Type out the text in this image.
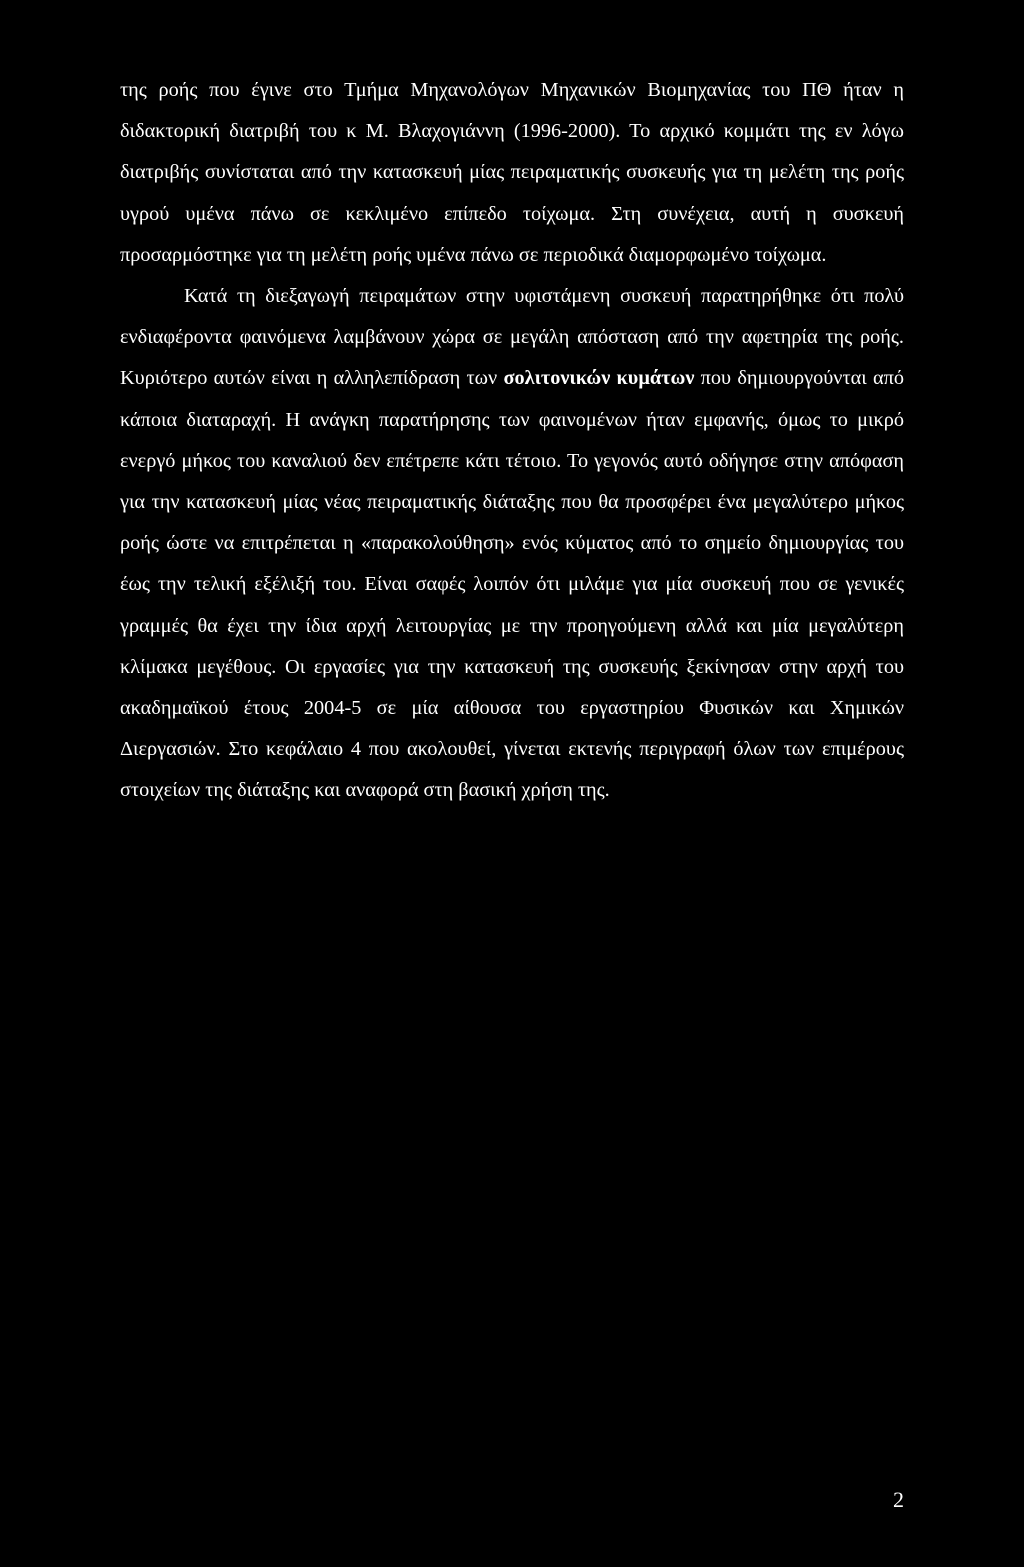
της ροής που έγινε στο Τμήμα Μηχανολόγων Μηχανικών Βιομηχανίας του ΠΘ ήταν η διδακτορική διατριβή του κ Μ. Βλαχογιάννη (1996-2000). Το αρχικό κομμάτι της εν λόγω διατριβής συνίσταται από την κατασκευή μίας πειραματικής συσκευής για τη μελέτη της ροής υγρού υμένα πάνω σε κεκλιμένο επίπεδο τοίχωμα. Στη συνέχεια, αυτή η συσκευή προσαρμόστηκε για τη μελέτη ροής υμένα πάνω σε περιοδικά διαμορφωμένο τοίχωμα.

Κατά τη διεξαγωγή πειραμάτων στην υφιστάμενη συσκευή παρατηρήθηκε ότι πολύ ενδιαφέροντα φαινόμενα λαμβάνουν χώρα σε μεγάλη απόσταση από την αφετηρία της ροής. Κυριότερο αυτών είναι η αλληλεπίδραση των σολιτονικών κυμάτων που δημιουργούνται από κάποια διαταραχή. Η ανάγκη παρατήρησης των φαινομένων ήταν εμφανής, όμως το μικρό ενεργό μήκος του καναλιού δεν επέτρεπε κάτι τέτοιο. Το γεγονός αυτό οδήγησε στην απόφαση για την κατασκευή μίας νέας πειραματικής διάταξης που θα προσφέρει ένα μεγαλύτερο μήκος ροής ώστε να επιτρέπεται η «παρακολούθηση» ενός κύματος από το σημείο δημιουργίας του έως την τελική εξέλιξή του. Είναι σαφές λοιπόν ότι μιλάμε για μία συσκευή που σε γενικές γραμμές θα έχει την ίδια αρχή λειτουργίας με την προηγούμενη αλλά και μία μεγαλύτερη κλίμακα μεγέθους. Οι εργασίες για την κατασκευή της συσκευής ξεκίνησαν στην αρχή του ακαδημαϊκού έτους 2004-5 σε μία αίθουσα του εργαστηρίου Φυσικών και Χημικών Διεργασιών. Στο κεφάλαιο 4 που ακολουθεί, γίνεται εκτενής περιγραφή όλων των επιμέρους στοιχείων της διάταξης και αναφορά στη βασική χρήση της.

2
